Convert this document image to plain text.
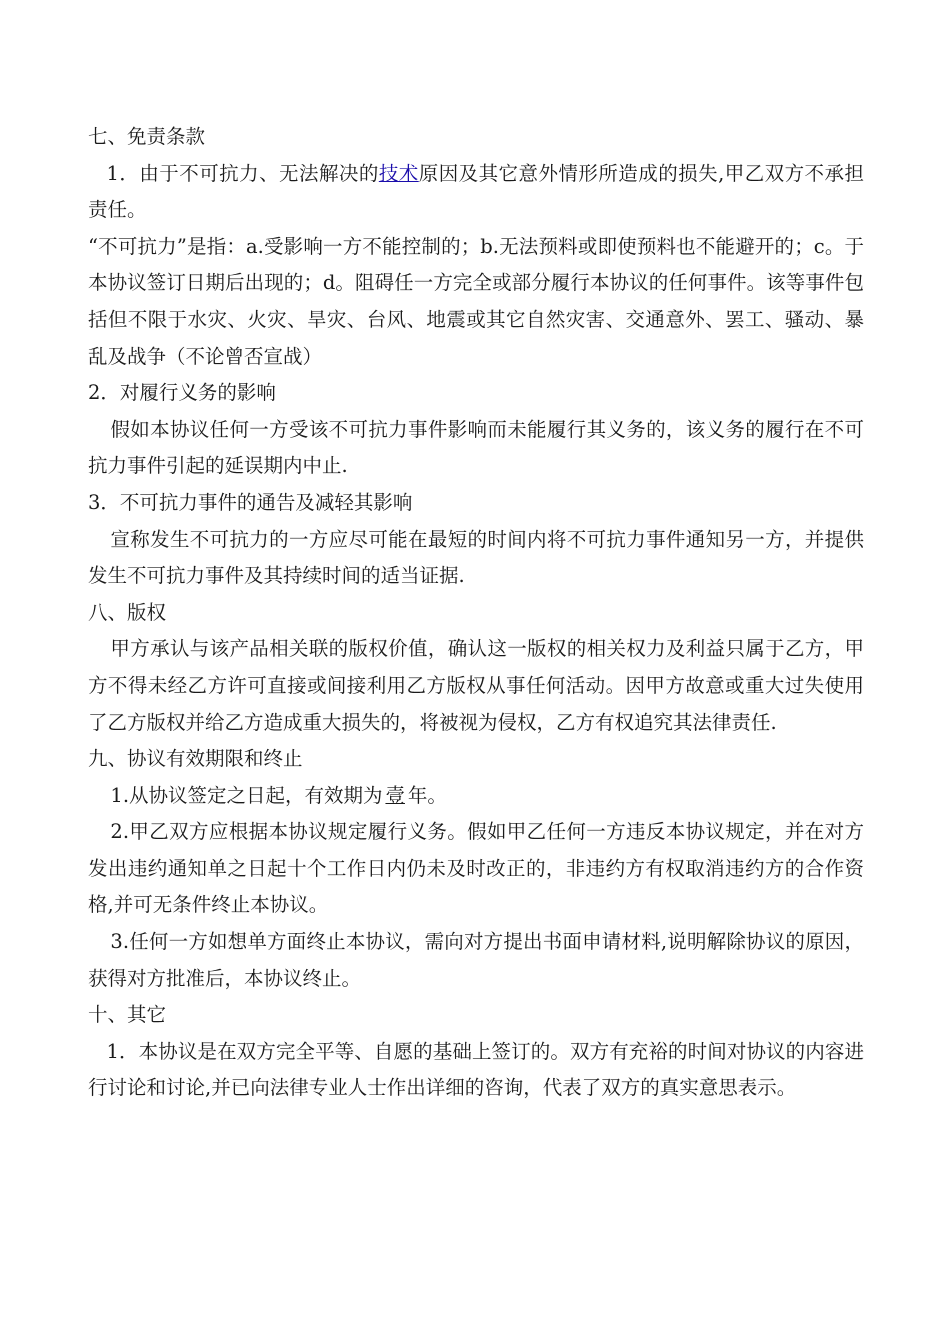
七、免责条款

1．由于不可抗力、无法解决的技术原因及其它意外情形所造成的损失,甲乙双方不承担责任。

“不可抗力”是指：a.受影响一方不能控制的；b.无法预料或即使预料也不能避开的；c。于本协议签订日期后出现的；d。阻碍任一方完全或部分履行本协议的任何事件。该等事件包括但不限于水灾、火灾、旱灾、台风、地震或其它自然灾害、交通意外、罢工、骚动、暴乱及战争（不论曾否宣战）

2．对履行义务的影响

假如本协议任何一方受该不可抗力事件影响而未能履行其义务的，该义务的履行在不可抗力事件引起的延误期内中止.

3．不可抗力事件的通告及减轻其影响

宣称发生不可抗力的一方应尽可能在最短的时间内将不可抗力事件通知另一方，并提供发生不可抗力事件及其持续时间的适当证据.

八、版权

甲方承认与该产品相关联的版权价值，确认这一版权的相关权力及利益只属于乙方，甲方不得未经乙方许可直接或间接利用乙方版权从事任何活动。因甲方故意或重大过失使用了乙方版权并给乙方造成重大损失的，将被视为侵权，乙方有权追究其法律责任.

九、协议有效期限和终止

1.从协议签定之日起，有效期为 壹 年。

2.甲乙双方应根据本协议规定履行义务。假如甲乙任何一方违反本协议规定，并在对方发出违约通知单之日起十个工作日内仍未及时改正的，非违约方有权取消违约方的合作资格,并可无条件终止本协议。

3.任何一方如想单方面终止本协议，需向对方提出书面申请材料,说明解除协议的原因，获得对方批准后，本协议终止。

十、其它

1．本协议是在双方完全平等、自愿的基础上签订的。双方有充裕的时间对协议的内容进行讨论和讨论,并已向法律专业人士作出详细的咨询，代表了双方的真实意思表示。
